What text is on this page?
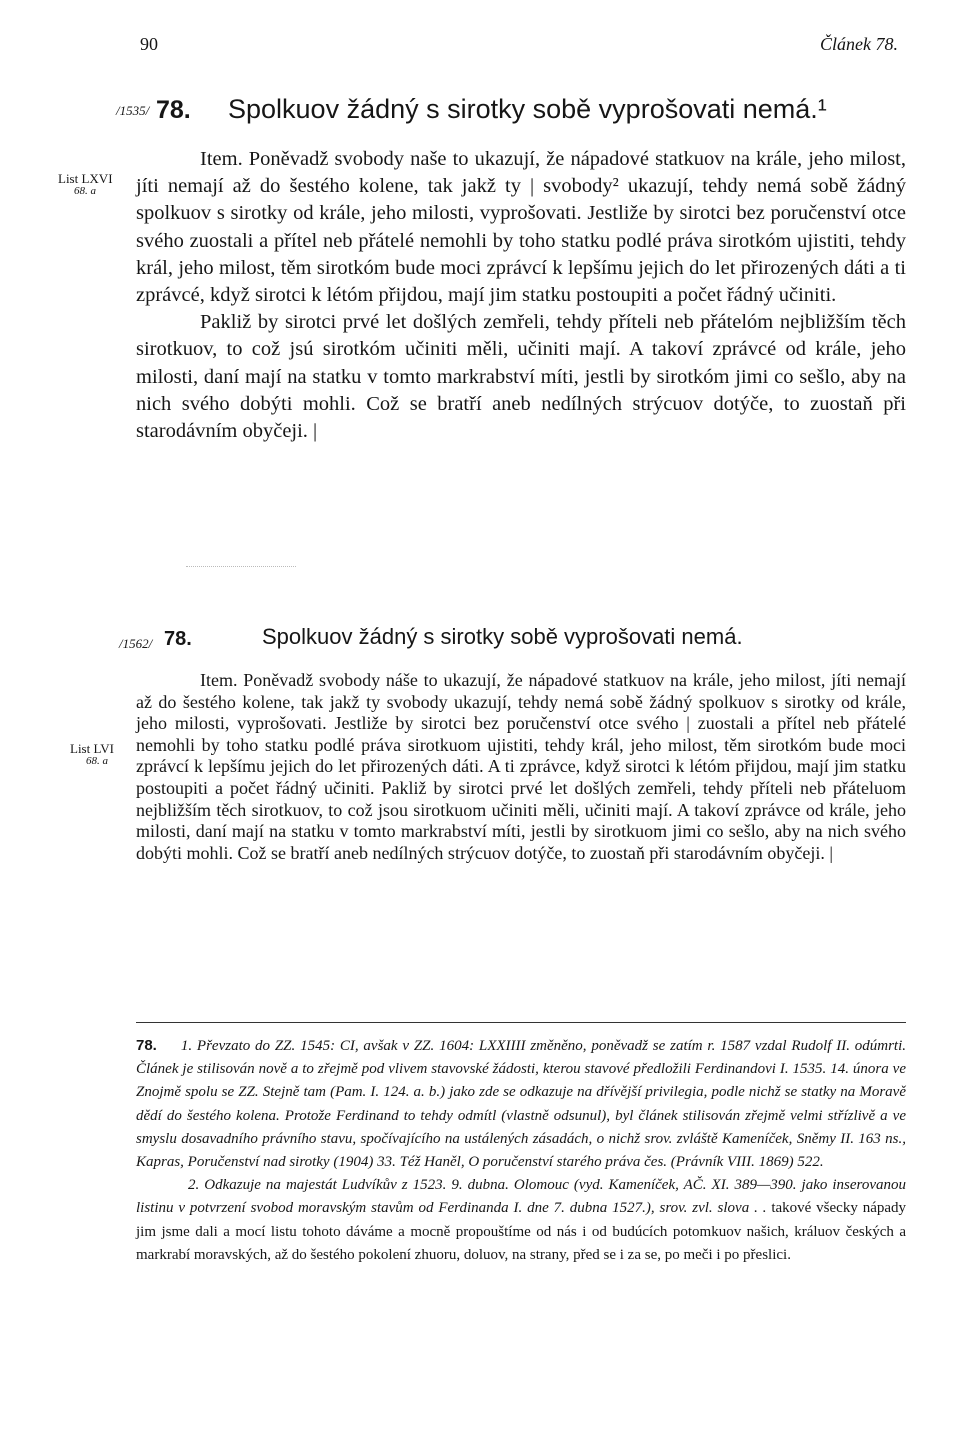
90	Článek 78.
/1535/ 78. Spolkuov žádný s sirotky sobě vyprošovati nemá.¹
List LXVI
68. a

Item. Poněvadž svobody naše to ukazují, že nápadové statkuov na krále, jeho milost, jíti nemají až do šestého kolene, tak jakž ty | svobody² ukazují, tehdy nemá sobě žádný spolkuov s sirotky od krále, jeho milosti, vyprošovati. Jestliže by sirotci bez poručenství otce svého zuostali a přítel neb přátelé nemohli by toho statku podlé práva sirotkóm ujistiti, tehdy král, jeho milost, těm sirotkóm bude moci zprávcí k lepšímu jejich do let přirozených dáti a ti zprávcé, když sirotci k létóm přijdou, mají jim statku postoupiti a počet řádný učiniti.

Pakliž by sirotci prvé let došlých zemřeli, tehdy příteli neb přátelóm nejbližším těch sirotkuov, to což jsú sirotkóm učiniti měli, učiniti mají. A takoví zprávcé od krále, jeho milosti, daní mají na statku v tomto markrabství míti, jestli by sirotkóm jimi co sešlo, aby na nich svého dobýti mohli. Což se bratří aneb nedílných strýcuov dotýče, to zuostaň při starodávním obyčeji. |

/1562/ 78.	Spolkuov žádný s sirotky sobě vyprošovati nemá.
List LVI
68. a

Item. Poněvadž svobody náše to ukazují, že nápadové statkuov na krále, jeho milost, jíti nemají až do šestého kolene, tak jakž ty svobody ukazují, tehdy nemá sobě žádný spolkuov s sirotky od krále, jeho milosti, vyprošovati. Jestliže by sirotci bez poručenství otce svého | zuostali a přítel neb přátelé nemohli by toho statku podlé práva sirotkuom ujistiti, tehdy král, jeho milost, těm sirotkóm bude moci zprávcí k lepšímu jejich do let přirozených dáti. A ti zprávce, když sirotci k létóm přijdou, mají jim statku postoupiti a počet řádný učiniti. Pakliž by sirotci prvé let došlých zemřeli, tehdy příteli neb přáteluom nejbližším těch sirotkuov, to což jsou sirotkuom učiniti měli, učiniti mají. A takoví zprávce od krále, jeho milosti, daní mají na statku v tomto markrabství míti, jestli by sirotkuom jimi co sešlo, aby na nich svého dobýti mohli. Což se bratří aneb nedílných strýcuov dotýče, to zuostaň při starodávním obyčeji. |

78. 1. Převzato do ZZ. 1545: CI, avšak v ZZ. 1604: LXXIIII změněno, poněvadž se zatím r. 1587 vzdal Rudolf II. odúmrti. Článek je stilisován nově a to zřejmě pod vlivem stavovské žádosti, kterou stavové předložili Ferdinandovi I. 1535. 14. února ve Znojmě spolu se ZZ. Stejně tam (Pam. I. 124. a. b.) jako zde se odkazuje na dřívější privilegia, podle nichž se statky na Moravě dědí do šestého kolena. Protože Ferdinand to tehdy odmítl (vlastně odsunul), byl článek stilisován zřejmě velmi střízlivě a ve smyslu dosavadního právního stavu, spočívajícího na ustálených zásadách, o nichž srov. zvláště Kameníček, Sněmy II. 163 ns., Kapras, Poručenství nad sirotky (1904) 33. Též Haněl, O poručenství starého práva čes. (Právník VIII. 1869) 522.

2. Odkazuje na majestát Ludvíkův z 1523. 9. dubna. Olomouc (vyd. Kameníček, AČ. XI. 389—390. jako inserovanou listinu v potvrzení svobod moravským stavům od Ferdinanda I. dne 7. dubna 1527.), srov. zvl. slova . . takové všecky nápady jim jsme dali a mocí listu tohoto dáváme a mocně propouštíme od nás i od budúcích potomkuov našich, králuov českých a markrabí moravských, až do šestého pokolení zhuoru, doluov, na strany, před se i za se, po meči i po přeslici.
